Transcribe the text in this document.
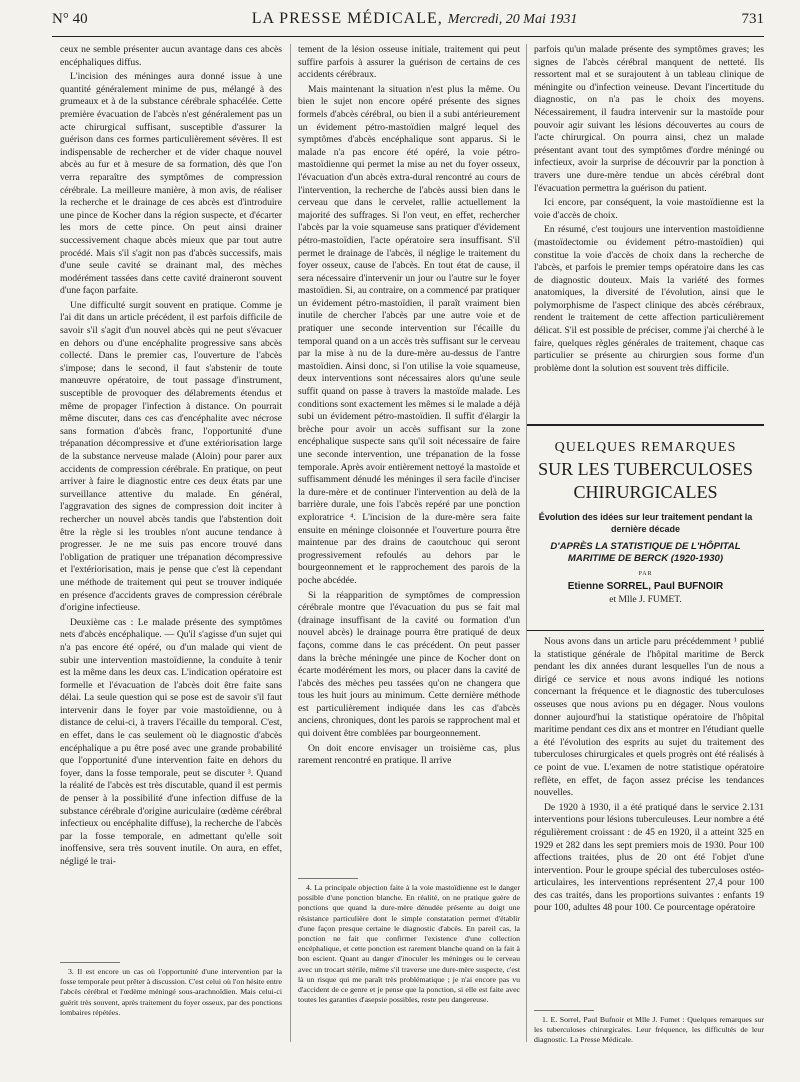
N° 40	LA PRESSE MÉDICALE, Mercredi, 20 Mai 1931	731

ceux ne semble présenter aucun avantage dans ces abcès encéphaliques diffus.

L'incision des méninges aura donné issue à une quantité généralement minime de pus, mélangé à des grumeaux et à de la substance cérébrale sphacélée. Cette première évacuation de l'abcès n'est généralement pas un acte chirurgical suffisant, susceptible d'assurer la guérison dans ces formes particulièrement sévères. Il est indispensable de rechercher et de vider chaque nouvel abcès au fur et à mesure de sa formation, dès que l'on verra reparaître des symptômes de compression cérébrale. La meilleure manière, à mon avis, de réaliser la recherche et le drainage de ces abcès est d'introduire une pince de Kocher dans la région suspecte, et d'écarter les mors de cette pince. On peut ainsi drainer successivement chaque abcès mieux que par tout autre procédé. Mais s'il s'agit non pas d'abcès successifs, mais d'une seule cavité se drainant mal, des mèches modérément tassées dans cette cavité draineront souvent d'une façon parfaite.

Une difficulté surgit souvent en pratique. Comme je l'ai dit dans un article précédent, il est parfois difficile de savoir s'il s'agit d'un nouvel abcès qui ne peut s'évacuer en dehors ou d'une encéphalite progressive sans abcès collecté. Dans le premier cas, l'ouverture de l'abcès s'impose; dans le second, il faut s'abstenir de toute manœuvre opératoire, de tout passage d'instrument, susceptible de provoquer des délabrements étendus et même de propager l'infection à distance. On pourrait même discuter, dans ces cas d'encéphalite avec nécrose sans formation d'abcès franc, l'opportunité d'une trépanation décompressive et d'une extériorisation large de la substance nerveuse malade (Aloin) pour parer aux accidents de compression cérébrale. En pratique, on peut arriver à faire le diagnostic entre ces deux états par une surveillance attentive du malade. En général, l'aggravation des signes de compression doit inciter à rechercher un nouvel abcès tandis que l'abstention doit être la règle si les troubles n'ont aucune tendance à progresser. Je ne me suis pas encore trouvé dans l'obligation de pratiquer une trépanation décompressive et l'extériorisation, mais je pense que c'est là cependant une méthode de traitement qui peut se trouver indiquée en présence d'accidents graves de compression cérébrale d'origine infectieuse.

Deuxième cas : Le malade présente des symptômes nets d'abcès encéphalique. — Qu'il s'agisse d'un sujet qui n'a pas encore été opéré, ou d'un malade qui vient de subir une intervention mastoïdienne, la conduite à tenir est la même dans les deux cas. L'indication opératoire est formelle et l'évacuation de l'abcès doit être faite sans délai. La seule question qui se pose est de savoir s'il faut intervenir dans le foyer par voie mastoïdienne, ou à distance de celui-ci, à travers l'écaille du temporal. C'est, en effet, dans le cas seulement où le diagnostic d'abcès encéphalique a pu être posé avec une grande probabilité que l'opportunité d'une intervention faite en dehors du foyer, dans la fosse temporale, peut se discuter ³. Quand la réalité de l'abcès est très discutable, quand il est permis de penser à la possibilité d'une infection diffuse de la substance cérébrale d'origine auriculaire (œdème cérébral infectieux ou encéphalite diffuse), la recherche de l'abcès par la fosse temporale, en admettant qu'elle soit inoffensive, sera très souvent inutile. On aura, en effet, négligé le trai-

3. Il est encore un cas où l'opportunité d'une intervention par la fosse temporale peut prêter à discussion. C'est celui où l'on hésite entre l'abcès cérébral et l'œdème méningé sous-arachnoïdien. Mais celui-ci guérit très souvent, après traitement du foyer osseux, par des ponctions lombaires répétées.

tement de la lésion osseuse initiale, traitement qui peut suffire parfois à assurer la guérison de certains de ces accidents cérébraux.

Mais maintenant la situation n'est plus la même. Ou bien le sujet non encore opéré présente des signes formels d'abcès cérébral, ou bien il a subi antérieurement un évidement pétro-mastoïdien malgré lequel des symptômes d'abcès encéphalique sont apparus. Si le malade n'a pas encore été opéré, la voie pétro-mastoïdienne qui permet la mise au net du foyer osseux, l'évacuation d'un abcès extra-dural rencontré au cours de l'intervention, la recherche de l'abcès aussi bien dans le cerveau que dans le cervelet, rallie actuellement la majorité des suffrages. Si l'on veut, en effet, rechercher l'abcès par la voie squameuse sans pratiquer d'évidement pétro-mastoïdien, l'acte opératoire sera insuffisant. S'il permet le drainage de l'abcès, il néglige le traitement du foyer osseux, cause de l'abcès. En tout état de cause, il sera nécessaire d'intervenir un jour ou l'autre sur le foyer mastoïdien. Si, au contraire, on a commencé par pratiquer un évidement pétro-mastoïdien, il paraît vraiment bien inutile de chercher l'abcès par une autre voie et de pratiquer une seconde intervention sur l'écaille du temporal quand on a un accès très suffisant sur le cerveau par la mise à nu de la dure-mère au-dessus de l'antre mastoïdien. Ainsi donc, si l'on utilise la voie squameuse, deux interventions sont nécessaires alors qu'une seule suffit quand on passe à travers la mastoïde malade. Les conditions sont exactement les mêmes si le malade a déjà subi un évidement pétro-mastoïdien. Il suffit d'élargir la brèche pour avoir un accès suffisant sur la zone encéphalique suspecte sans qu'il soit nécessaire de faire une seconde intervention, une trépanation de la fosse temporale. Après avoir entièrement nettoyé la mastoïde et suffisamment dénudé les méninges il sera facile d'inciser la dure-mère et de continuer l'intervention au delà de la barrière durale, une fois l'abcès repéré par une ponction exploratrice ⁴. L'incision de la dure-mère sera faite ensuite en méninge cloisonnée et l'ouverture pourra être maintenue par des drains de caoutchouc qui seront progressivement refoulés au dehors par le bourgeonnement et le rapprochement des parois de la poche abcédée.

Si la réapparition de symptômes de compression cérébrale montre que l'évacuation du pus se fait mal (drainage insuffisant de la cavité ou formation d'un nouvel abcès) le drainage pourra être pratiqué de deux façons, comme dans le cas précédent. On peut passer dans la brèche méningée une pince de Kocher dont on écarte modérément les mors, ou placer dans la cavité de l'abcès des mèches peu tassées qu'on ne changera que tous les huit jours au minimum. Cette dernière méthode est particulièrement indiquée dans les cas d'abcès anciens, chroniques, dont les parois se rapprochent mal et qui doivent être comblées par bourgeonnement.

On doit encore envisager un troisième cas, plus rarement rencontré en pratique. Il arrive

4. La principale objection faite à la voie mastoïdienne est le danger possible d'une ponction blanche. En réalité, on ne pratique guère de ponctions que quand la dure-mère dénudée présente au doigt une résistance particulière dont le simple constatation permet d'établir d'une façon presque certaine le diagnostic d'abcès. En pareil cas, la ponction ne fait que confirmer l'existence d'une collection encéphalique, et cette ponction est rarement blanche quand on la fait à bon escient. Quant au danger d'inoculer les méninges ou le cerveau avec un trocart stérile, même s'il traverse une dure-mère suspecte, c'est là un risque qui me paraît très problématique ; je n'ai encore pas vu d'accident de ce genre et je pense que la ponction, si elle est faite avec toutes les garanties d'asepsie possibles, reste peu dangereuse.

parfois qu'un malade présente des symptômes graves; les signes de l'abcès cérébral manquent de netteté. Ils ressortent mal et se surajoutent à un tableau clinique de méningite ou d'infection veineuse. Devant l'incertitude du diagnostic, on n'a pas le choix des moyens. Nécessairement, il faudra intervenir sur la mastoïde pour pouvoir agir suivant les lésions découvertes au cours de l'acte chirurgical. On pourra ainsi, chez un malade présentant avant tout des symptômes d'ordre méningé ou infectieux, avoir la surprise de découvrir par la ponction à travers une dure-mère tendue un abcès cérébral dont l'évacuation permettra la guérison du patient.

Ici encore, par conséquent, la voie mastoïdienne est la voie d'accès de choix.

En résumé, c'est toujours une intervention mastoïdienne (mastoïdectomie ou évidement pétro-mastoïdien) qui constitue la voie d'accès de choix dans la recherche de l'abcès, et parfois le premier temps opératoire dans les cas de diagnostic douteux. Mais la variété des formes anatomiques, la diversité de l'évolution, ainsi que le polymorphisme de l'aspect clinique des abcès cérébraux, rendent le traitement de cette affection particulièrement délicat. S'il est possible de préciser, comme j'ai cherché à le faire, quelques règles générales de traitement, chaque cas particulier se présente au chirurgien sous forme d'un problème dont la solution est souvent très difficile.

QUELQUES REMARQUES
SUR LES TUBERCULOSES
CHIRURGICALES
Évolution des idées sur leur traitement pendant la dernière décade
D'APRÈS LA STATISTIQUE DE L'HÔPITAL MARITIME DE BERCK (1920-1930)
PAR
Etienne SORREL, Paul BUFNOIR
et Mlle J. FUMET.

Nous avons dans un article paru précédemment ¹ publié la statistique générale de l'hôpital maritime de Berck pendant les dix années durant lesquelles l'un de nous a dirigé ce service et nous avons indiqué les notions concernant la fréquence et le diagnostic des tuberculoses osseuses que nous avions pu en dégager. Nous voulons donner aujourd'hui la statistique opératoire de l'hôpital maritime pendant ces dix ans et montrer en l'étudiant quelle a été l'évolution des esprits au sujet du traitement des tuberculoses chirurgicales et quels progrès ont été réalisés à ce point de vue. L'examen de notre statistique opératoire reflète, en effet, de façon assez précise les tendances nouvelles.

De 1920 à 1930, il a été pratiqué dans le service 2.131 interventions pour lésions tuberculeuses. Leur nombre a été régulièrement croissant : de 45 en 1920, il a atteint 325 en 1929 et 282 dans les sept premiers mois de 1930. Pour 100 affections traitées, plus de 20 ont été l'objet d'une intervention. Pour le groupe spécial des tuberculoses ostéo-articulaires, les interventions représentent 27,4 pour 100 des cas traités, dans les proportions suivantes : enfants 19 pour 100, adultes 48 pour 100. Ce pourcentage opératoire

1. E. Sorrel, Paul Bufnoir et Mlle J. Fumet : Quelques remarques sur les tuberculoses chirurgicales. Leur fréquence, les difficultés de leur diagnostic. La Presse Médicale.
